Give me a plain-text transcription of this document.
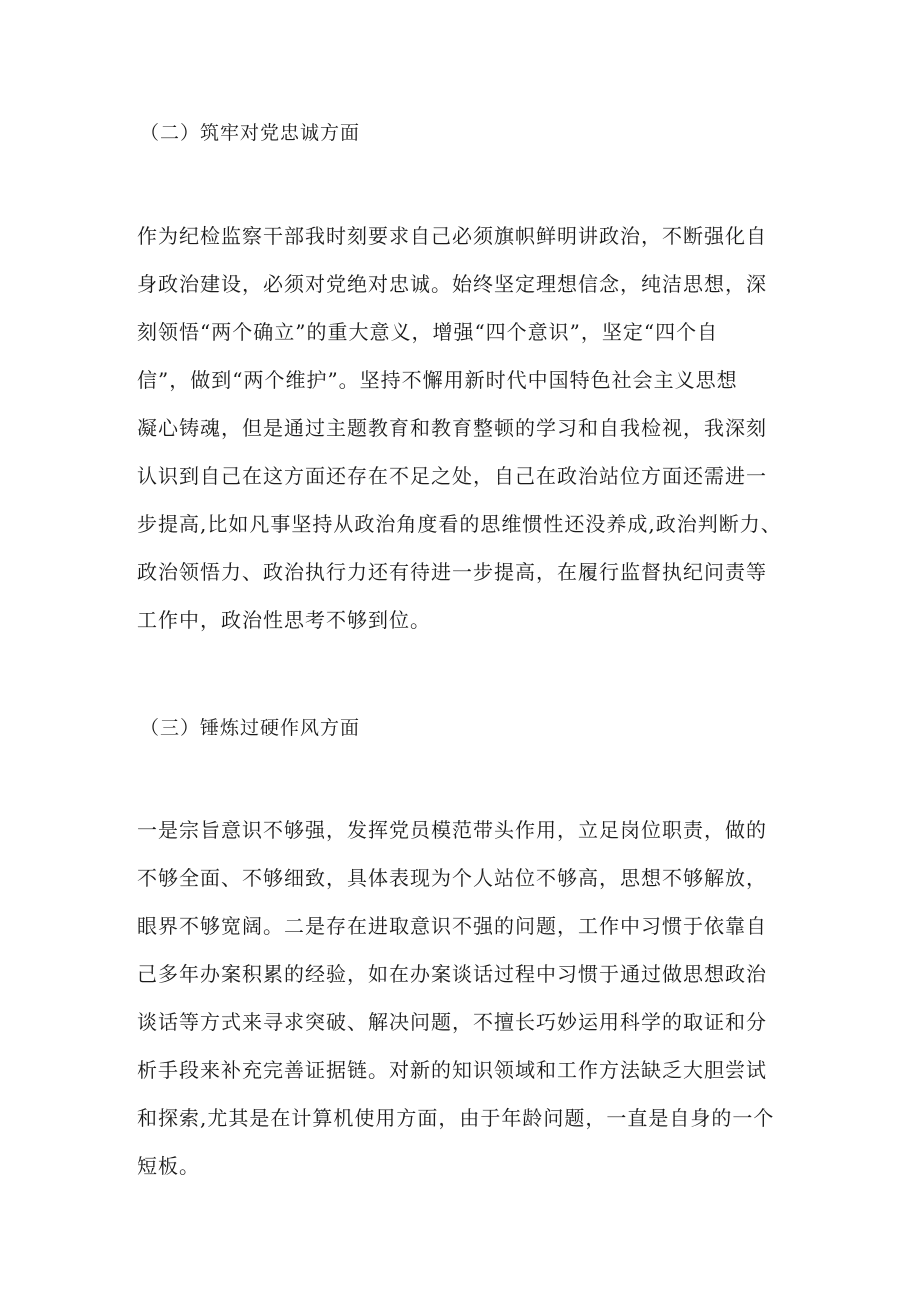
（二）筑牢对党忠诚方面
作为纪检监察干部我时刻要求自己必须旗帜鲜明讲政治，不断强化自
身政治建设，必须对党绝对忠诚。始终坚定理想信念，纯洁思想，深
刻领悟“两个确立”的重大意义，增强“四个意识”，坚定“四个自
信”，做到“两个维护”。坚持不懈用新时代中国特色社会主义思想
凝心铸魂，但是通过主题教育和教育整顿的学习和自我检视，我深刻
认识到自己在这方面还存在不足之处，自己在政治站位方面还需进一
步提高,比如凡事坚持从政治角度看的思维惯性还没养成,政治判断力、
政治领悟力、政治执行力还有待进一步提高，在履行监督执纪问责等
工作中，政治性思考不够到位。
（三）锤炼过硬作风方面
一是宗旨意识不够强，发挥党员模范带头作用，立足岗位职责，做的
不够全面、不够细致，具体表现为个人站位不够高，思想不够解放，
眼界不够宽阔。二是存在进取意识不强的问题，工作中习惯于依靠自
己多年办案积累的经验，如在办案谈话过程中习惯于通过做思想政治
谈话等方式来寻求突破、解决问题，不擅长巧妙运用科学的取证和分
析手段来补充完善证据链。对新的知识领域和工作方法缺乏大胆尝试
和探索,尤其是在计算机使用方面，由于年龄问题，一直是自身的一个
短板。
